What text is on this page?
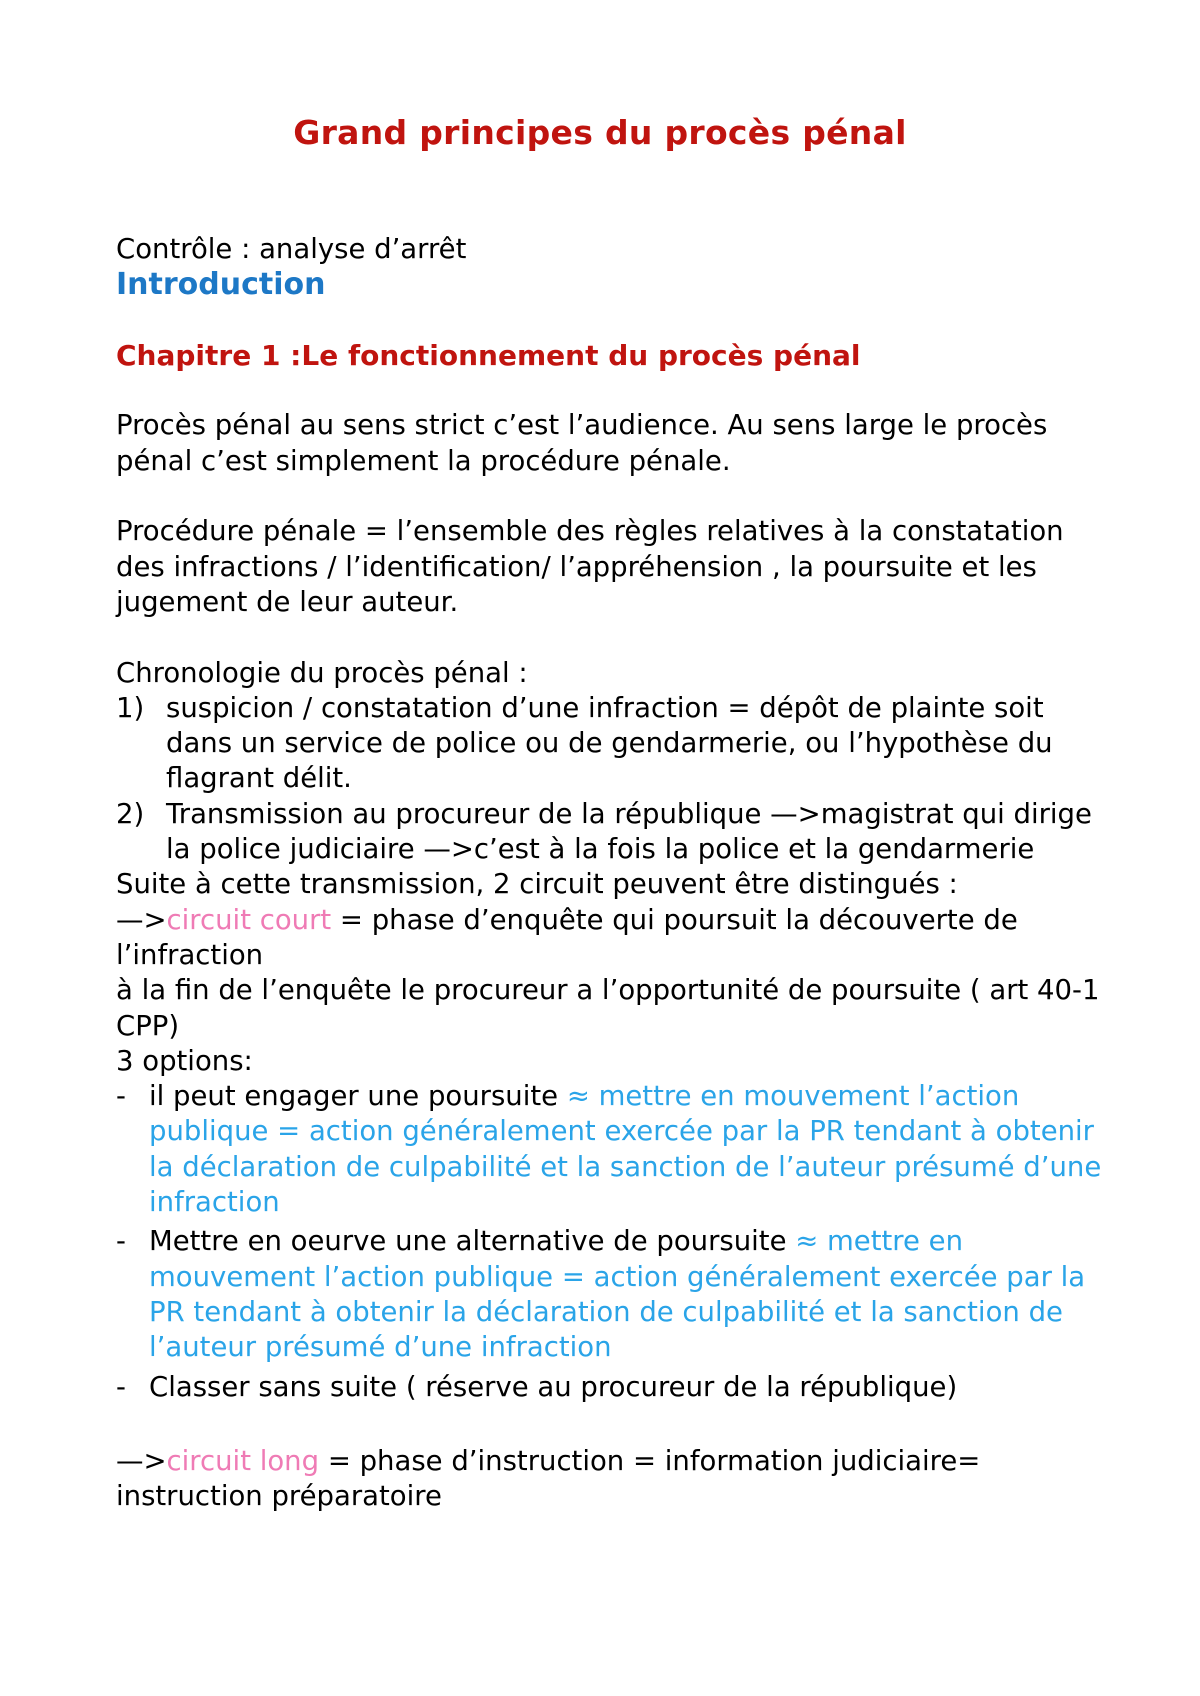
Grand principes du procès pénal

Contrôle : analyse d’arrêt

Introduction

Chapitre 1 :Le fonctionnement du procès pénal

Procès pénal au sens strict c’est l’audience. Au sens large le procès pénal c’est simplement la procédure pénale.

Procédure pénale = l’ensemble des règles relatives à la constatation des infractions / l’identification/ l’appréhension , la poursuite et les jugement de leur auteur.

Chronologie du procès pénal :

1) suspicion / constatation d’une infraction = dépôt de plainte soit dans un service de police ou de gendarmerie, ou l’hypothèse du flagrant délit.
2) Transmission au procureur de la république —>magistrat qui dirige la police judiciaire —>c’est à la fois la police et la gendarmerie

Suite à cette transmission, 2 circuit peuvent être distingués :

—>circuit court = phase d’enquête qui poursuit la découverte de l’infraction

à la fin de l’enquête le procureur a l’opportunité de poursuite ( art 40-1 CPP)

3 options:

- il peut engager une poursuite ≈ mettre en mouvement l’action publique = action généralement exercée par la PR tendant à obtenir la déclaration de culpabilité et la sanction de l’auteur présumé d’une infraction
- Mettre en oeurve une alternative de poursuite ≈ mettre en mouvement l’action publique = action généralement exercée par la PR tendant à obtenir la déclaration de culpabilité et la sanction de l’auteur présumé d’une infraction
- Classer sans suite ( réserve au procureur de la république)

—>circuit long = phase d’instruction = information judiciaire= instruction préparatoire
